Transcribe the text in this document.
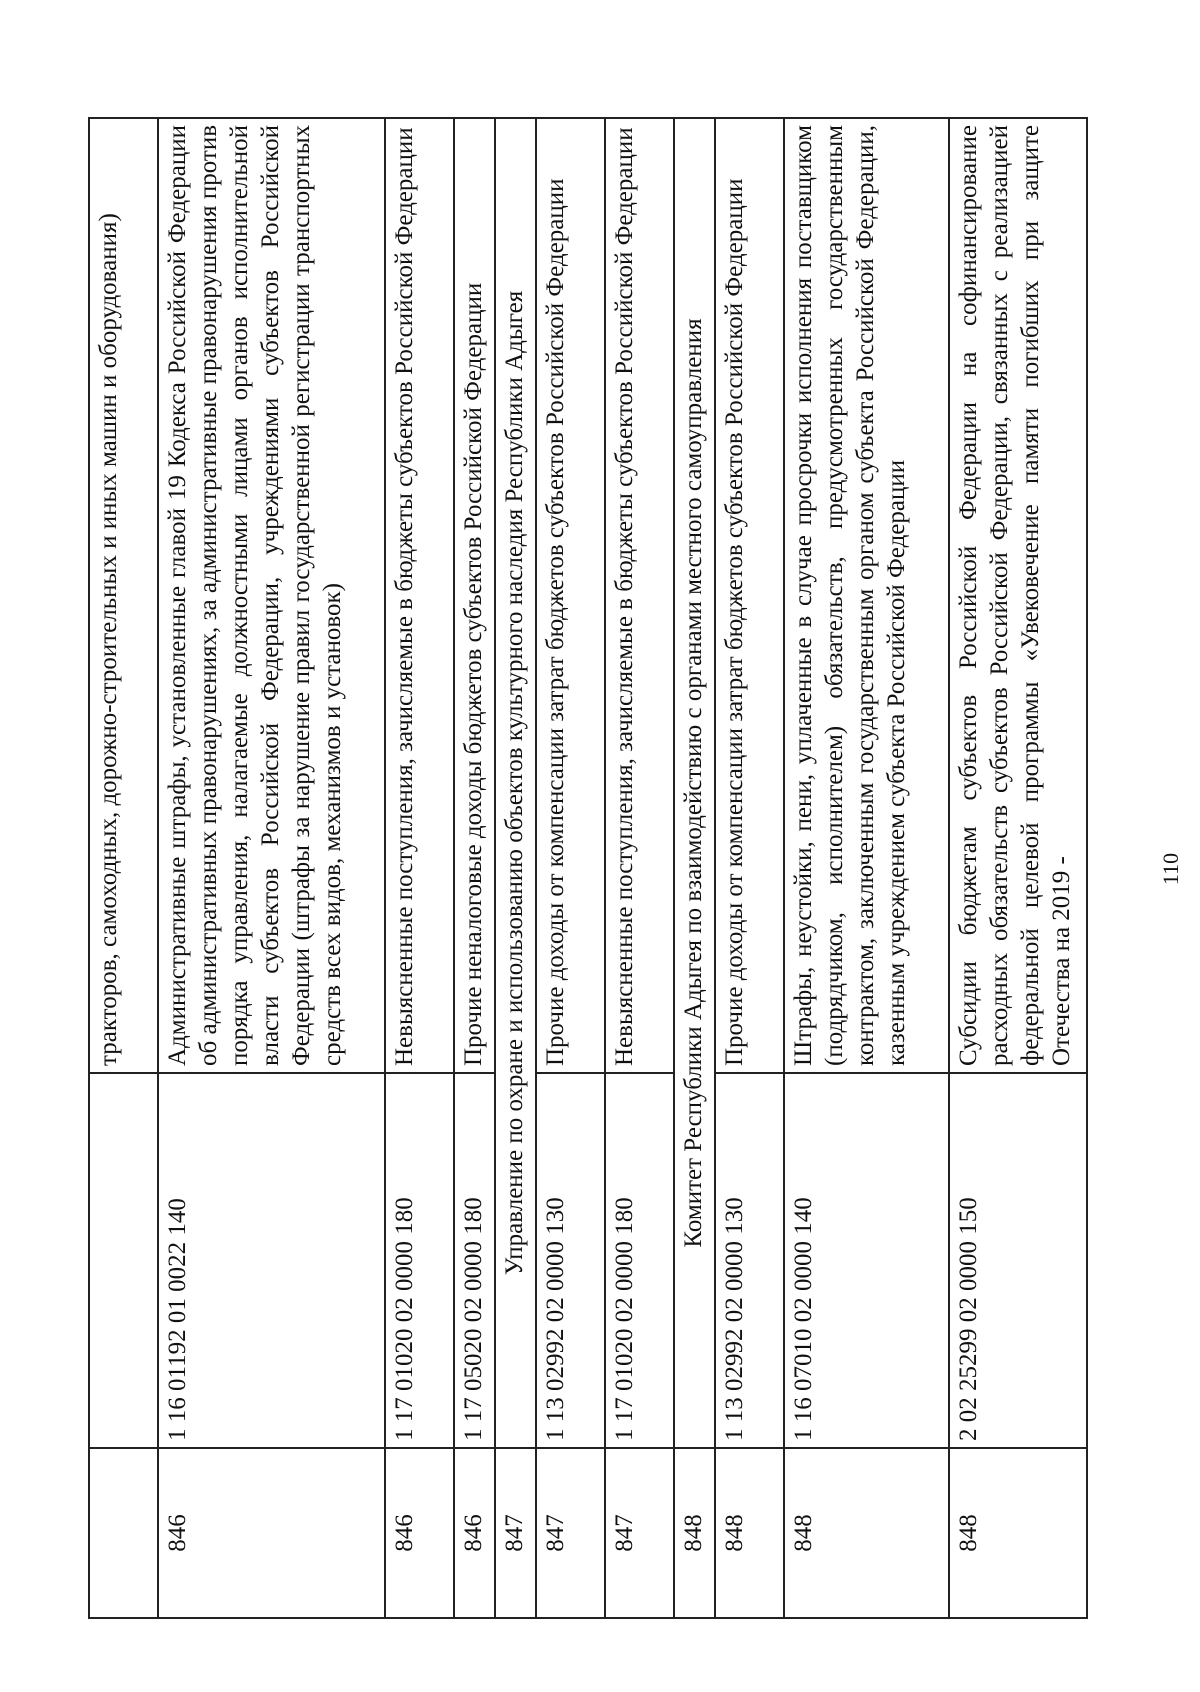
		тракторов, самоходных, дорожно-строительных и иных машин и оборудования)
846	1 16 01192 01 0022 140	Административные штрафы, установленные главой 19 Кодекса Российской Федерации об административных правонарушениях, за административные правонарушения против порядка управления, налагаемые должностными лицами органов исполнительной власти субъектов Российской Федерации, учреждениями субъектов Российской Федерации (штрафы за нарушение правил государственной регистрации транспортных средств всех видов, механизмов и установок)
846	1 17 01020 02 0000 180	Невыясненные поступления, зачисляемые в бюджеты субъектов Российской Федерации
846	1 17 05020 02 0000 180	Прочие неналоговые доходы бюджетов субъектов Российской Федерации
847	Управление по охране и использованию объектов культурного наследия Республики Адыгея	
847	1 13 02992 02 0000 130	Прочие доходы от компенсации затрат бюджетов субъектов Российской Федерации
847	1 17 01020 02 0000 180	Невыясненные поступления, зачисляемые в бюджеты субъектов Российской Федерации
848	Комитет Республики Адыгея по взаимодействию с органами местного самоуправления	
848	1 13 02992 02 0000 130	Прочие доходы от компенсации затрат бюджетов субъектов Российской Федерации
848	1 16 07010 02 0000 140	Штрафы, неустойки, пени, уплаченные в случае просрочки исполнения поставщиком (подрядчиком, исполнителем) обязательств, предусмотренных государственным контрактом, заключенным государственным органом субъекта Российской Федерации, казенным учреждением субъекта Российской Федерации
848	2 02 25299 02 0000 150	Субсидии бюджетам субъектов Российской Федерации на софинансирование расходных обязательств субъектов Российской Федерации, связанных с реализацией федеральной целевой программы «Увековечение памяти погибших при защите Отечества на 2019 -	110
